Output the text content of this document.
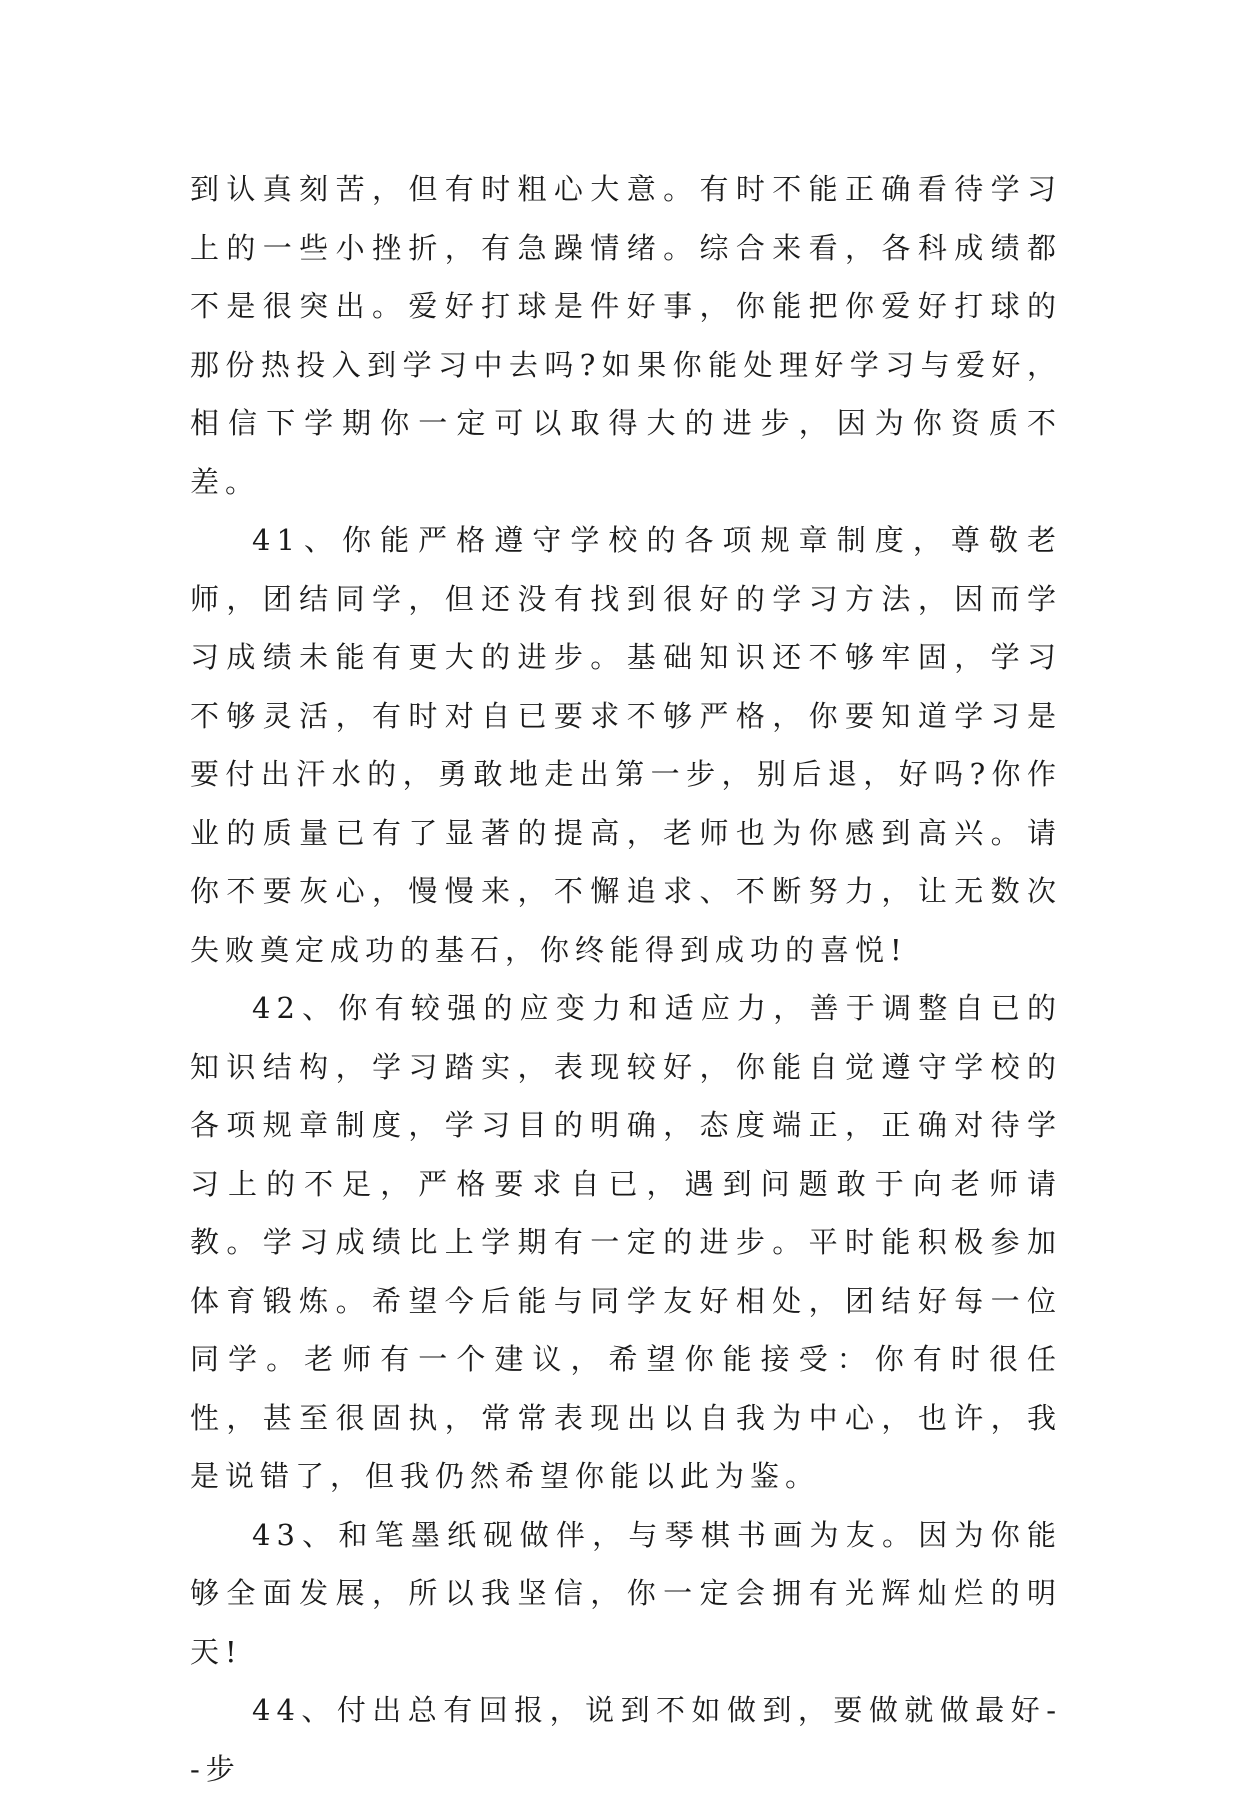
到认真刻苦，但有时粗心大意。有时不能正确看待学习上的一些小挫折，有急躁情绪。综合来看，各科成绩都不是很突出。爱好打球是件好事，你能把你爱好打球的那份热投入到学习中去吗?如果你能处理好学习与爱好，相信下学期你一定可以取得大的进步，因为你资质不差。

41、你能严格遵守学校的各项规章制度，尊敬老师，团结同学，但还没有找到很好的学习方法，因而学习成绩未能有更大的进步。基础知识还不够牢固，学习不够灵活，有时对自已要求不够严格，你要知道学习是要付出汗水的，勇敢地走出第一步，别后退，好吗?你作业的质量已有了显著的提高，老师也为你感到高兴。请你不要灰心，慢慢来，不懈追求、不断努力，让无数次失败奠定成功的基石，你终能得到成功的喜悦!

42、你有较强的应变力和适应力，善于调整自已的知识结构，学习踏实，表现较好，你能自觉遵守学校的各项规章制度，学习目的明确，态度端正，正确对待学习上的不足，严格要求自已，遇到问题敢于向老师请教。学习成绩比上学期有一定的进步。平时能积极参加体育锻炼。希望今后能与同学友好相处，团结好每一位同学。老师有一个建议，希望你能接受：你有时很任性，甚至很固执，常常表现出以自我为中心，也许，我是说错了，但我仍然希望你能以此为鉴。

43、和笔墨纸砚做伴，与琴棋书画为友。因为你能够全面发展，所以我坚信，你一定会拥有光辉灿烂的明天!

44、付出总有回报，说到不如做到，要做就做最好--步
